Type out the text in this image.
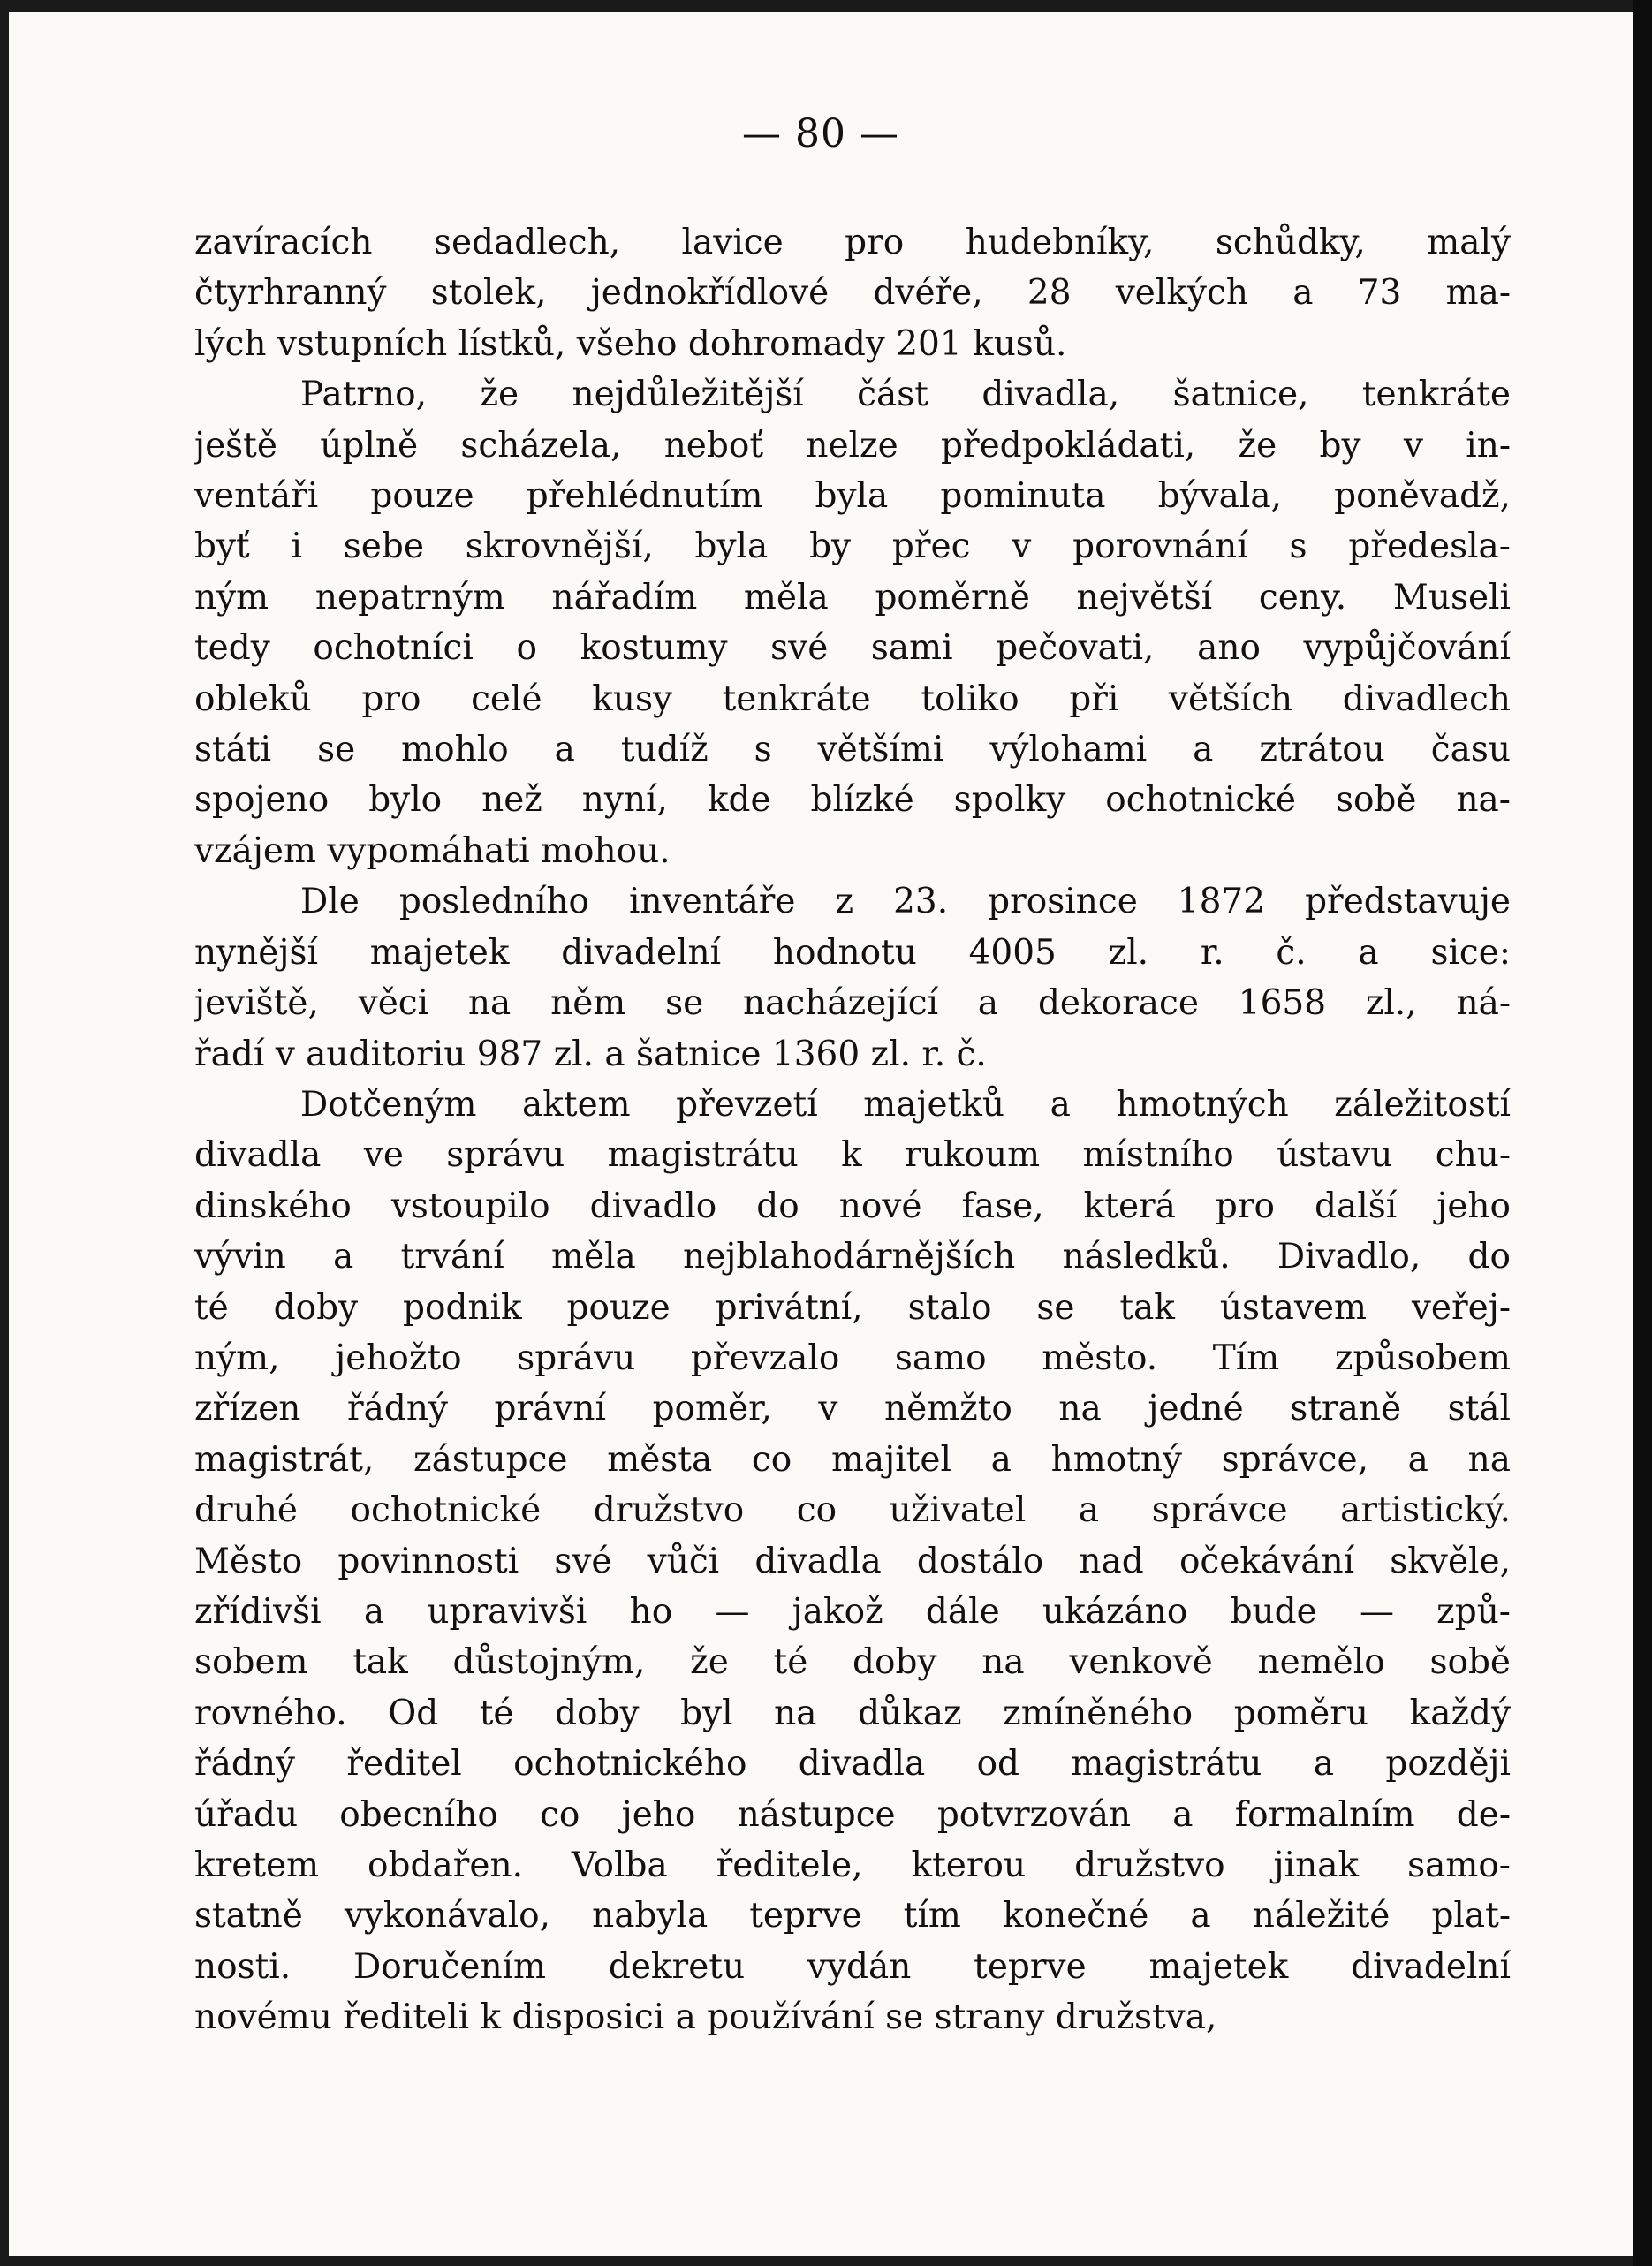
— 80 —

zavíracích sedadlech, lavice pro hudebníky, schůdky, malý
čtyrhranný stolek, jednokřídlové dvéře, 28 velkých a 73 ma-
lých vstupních lístků, všeho dohromady 201 kusů.

Patrno, že nejdůležitější část divadla, šatnice, tenkráte
ještě úplně scházela, neboť nelze předpokládati, že by v in-
ventáři pouze přehlédnutím byla pominuta bývala, poněvadž,
byť i sebe skrovnější, byla by přec v porovnání s předesla-
ným nepatrným nářadím měla poměrně největší ceny. Museli
tedy ochotníci o kostumy své sami pečovati, ano vypůjčování
obleků pro celé kusy tenkráte toliko při větších divadlech
státi se mohlo a tudíž s většími výlohami a ztrátou času
spojeno bylo než nyní, kde blízké spolky ochotnické sobě na-
vzájem vypomáhati mohou.

Dle posledního inventáře z 23. prosince 1872 představuje
nynější majetek divadelní hodnotu 4005 zl. r. č. a sice:
jeviště, věci na něm se nacházející a dekorace 1658 zl., ná-
řadí v auditoriu 987 zl. a šatnice 1360 zl. r. č.

Dotčeným aktem převzetí majetků a hmotných záležitostí
divadla ve správu magistrátu k rukoum místního ústavu chu-
dinského vstoupilo divadlo do nové fase, která pro další jeho
vývin a trvání měla nejblahodárnějších následků. Divadlo, do
té doby podnik pouze privátní, stalo se tak ústavem veřej-
ným, jehožto správu převzalo samo město. Tím způsobem
zřízen řádný právní poměr, v němžto na jedné straně stál
magistrát, zástupce města co majitel a hmotný správce, a na
druhé ochotnické družstvo co uživatel a správce artistický.
Město povinnosti své vůči divadla dostálo nad očekávání skvěle,
zřídivši a upravivši ho — jakož dále ukázáno bude — způ-
sobem tak důstojným, že té doby na venkově nemělo sobě
rovného. Od té doby byl na důkaz zmíněného poměru každý
řádný ředitel ochotnického divadla od magistrátu a později
úřadu obecního co jeho nástupce potvrzován a formalním de-
kretem obdařen. Volba ředitele, kterou družstvo jinak samo-
statně vykonávalo, nabyla teprve tím konečné a náležité plat-
nosti. Doručením dekretu vydán teprve majetek divadelní
novému řediteli k disposici a používání se strany družstva,
